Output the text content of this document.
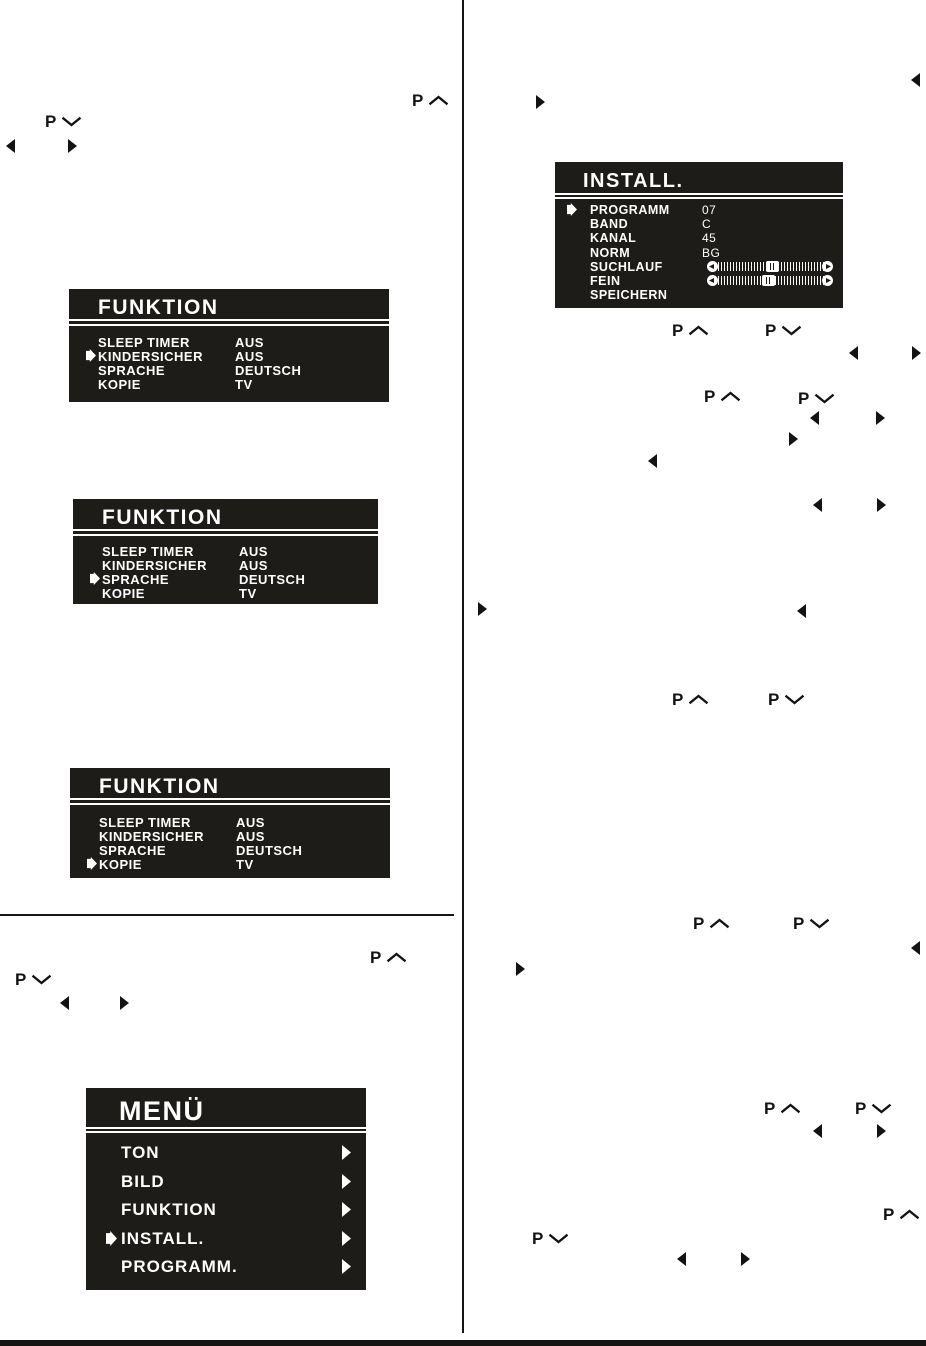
P
P
P
P
P	P
P	P
P	P
P	P
P	P
P
P
FUNKTION
SLEEP TIMER	AUS
KINDERSICHER AUS
SPRACHE	DEUTSCH
KOPIE	TV
FUNKTION
SLEEP TIMER	AUS
KINDERSICHER AUS
SPRACHE	DEUTSCH
KOPIE	TV
FUNKTION
SLEEP TIMER	AUS
KINDERSICHER AUS
SPRACHE	DEUTSCH
KOPIE	TV
MENÜ
TON
BILD
FUNKTION
INSTALL.
PROGRAMM.
INSTALL.
PROGRAMM	07
BAND	C
KANAL	45
NORM	BG
SUCHLAUF
FEIN
SPEICHERN
